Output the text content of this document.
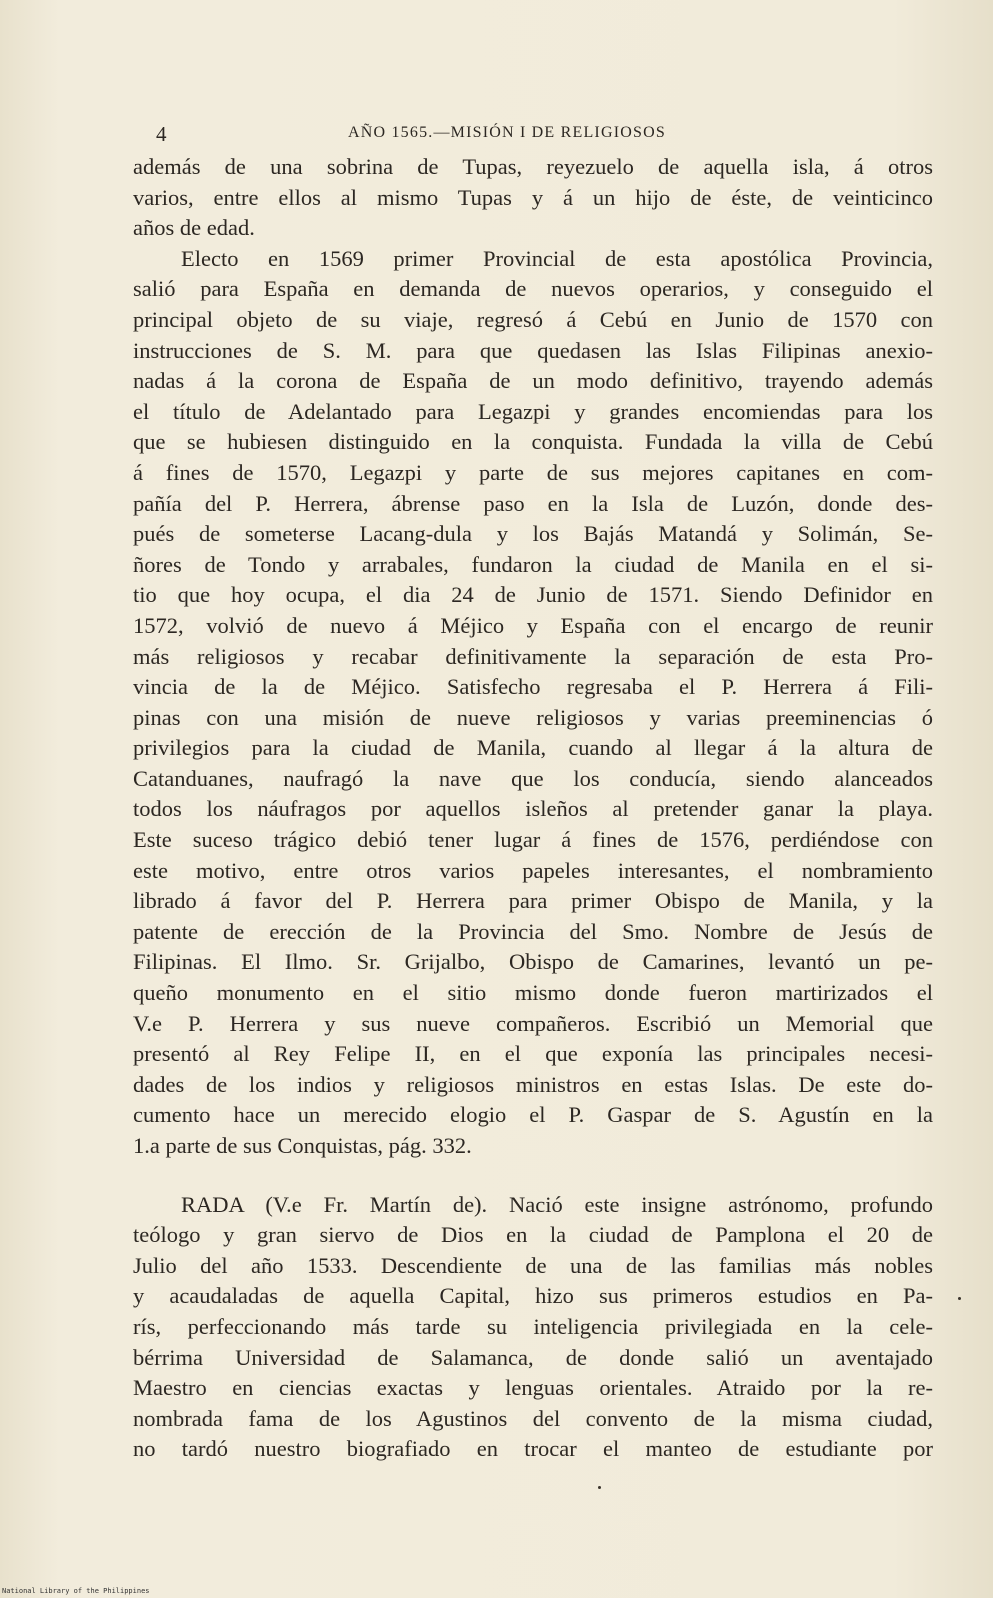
4	AÑO 1565.—MISIÓN I DE RELIGIOSOS
además de una sobrina de Tupas, reyezuelo de aquella isla, á otros
varios, entre ellos al mismo Tupas y á un hijo de éste, de veinticinco
años de edad.
Electo en 1569 primer Provincial de esta apostólica Provincia,
salió para España en demanda de nuevos operarios, y conseguido el
principal objeto de su viaje, regresó á Cebú en Junio de 1570 con
instrucciones de S. M. para que quedasen las Islas Filipinas anexio-
nadas á la corona de España de un modo definitivo, trayendo además
el título de Adelantado para Legazpi y grandes encomiendas para los
que se hubiesen distinguido en la conquista. Fundada la villa de Cebú
á fines de 1570, Legazpi y parte de sus mejores capitanes en com-
pañía del P. Herrera, ábrense paso en la Isla de Luzón, donde des-
pués de someterse Lacang-dula y los Bajás Matandá y Solimán, Se-
ñores de Tondo y arrabales, fundaron la ciudad de Manila en el si-
tio que hoy ocupa, el dia 24 de Junio de 1571. Siendo Definidor en
1572, volvió de nuevo á Méjico y España con el encargo de reunir
más religiosos y recabar definitivamente la separación de esta Pro-
vincia de la de Méjico. Satisfecho regresaba el P. Herrera á Fili-
pinas con una misión de nueve religiosos y varias preeminencias ó
privilegios para la ciudad de Manila, cuando al llegar á la altura de
Catanduanes, naufragó la nave que los conducía, siendo alanceados
todos los náufragos por aquellos isleños al pretender ganar la playa.
Este suceso trágico debió tener lugar á fines de 1576, perdiéndose con
este motivo, entre otros varios papeles interesantes, el nombramiento
librado á favor del P. Herrera para primer Obispo de Manila, y la
patente de erección de la Provincia del Smo. Nombre de Jesús de
Filipinas. El Ilmo. Sr. Grijalbo, Obispo de Camarines, levantó un pe-
queño monumento en el sitio mismo donde fueron martirizados el
V.e P. Herrera y sus nueve compañeros. Escribió un Memorial que
presentó al Rey Felipe II, en el que exponía las principales necesi-
dades de los indios y religiosos ministros en estas Islas. De este do-
cumento hace un merecido elogio el P. Gaspar de S. Agustín en la
1.a parte de sus Conquistas, pág. 332.
RADA (V.e Fr. Martín de). Nació este insigne astrónomo, profundo
teólogo y gran siervo de Dios en la ciudad de Pamplona el 20 de
Julio del año 1533. Descendiente de una de las familias más nobles
y acaudaladas de aquella Capital, hizo sus primeros estudios en Pa-
rís, perfeccionando más tarde su inteligencia privilegiada en la cele-
bérrima Universidad de Salamanca, de donde salió un aventajado
Maestro en ciencias exactas y lenguas orientales. Atraido por la re-
nombrada fama de los Agustinos del convento de la misma ciudad,
no tardó nuestro biografiado en trocar el manteo de estudiante por
National Library of the Philippines
